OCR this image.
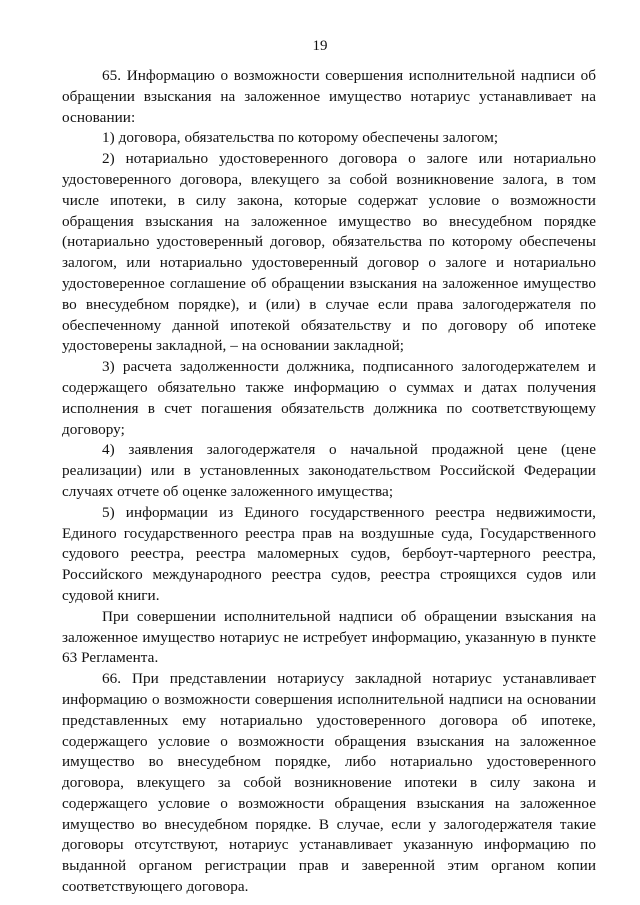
19

65. Информацию о возможности совершения исполнительной надписи об обращении взыскания на заложенное имущество нотариус устанавливает на основании:

1) договора, обязательства по которому обеспечены залогом;

2) нотариально удостоверенного договора о залоге или нотариально удостоверенного договора, влекущего за собой возникновение залога, в том числе ипотеки, в силу закона, которые содержат условие о возможности обращения взыскания на заложенное имущество во внесудебном порядке (нотариально удостоверенный договор, обязательства по которому обеспечены залогом, или нотариально удостоверенный договор о залоге и нотариально удостоверенное соглашение об обращении взыскания на заложенное имущество во внесудебном порядке), и (или) в случае если права залогодержателя по обеспеченному данной ипотекой обязательству и по договору об ипотеке удостоверены закладной, – на основании закладной;

3) расчета задолженности должника, подписанного залогодержателем и содержащего обязательно также информацию о суммах и датах получения исполнения в счет погашения обязательств должника по соответствующему договору;

4) заявления залогодержателя о начальной продажной цене (цене реализации) или в установленных законодательством Российской Федерации случаях отчете об оценке заложенного имущества;

5) информации из Единого государственного реестра недвижимости, Единого государственного реестра прав на воздушные суда, Государственного судового реестра, реестра маломерных судов, бербоут-чартерного реестра, Российского международного реестра судов, реестра строящихся судов или судовой книги.

При совершении исполнительной надписи об обращении взыскания на заложенное имущество нотариус не истребует информацию, указанную в пункте 63 Регламента.

66. При представлении нотариусу закладной нотариус устанавливает информацию о возможности совершения исполнительной надписи на основании представленных ему нотариально удостоверенного договора об ипотеке, содержащего условие о возможности обращения взыскания на заложенное имущество во внесудебном порядке, либо нотариально удостоверенного договора, влекущего за собой возникновение ипотеки в силу закона и содержащего условие о возможности обращения взыскания на заложенное имущество во внесудебном порядке. В случае, если у залогодержателя такие договоры отсутствуют, нотариус устанавливает указанную информацию по выданной органом регистрации прав и заверенной этим органом копии соответствующего договора.
